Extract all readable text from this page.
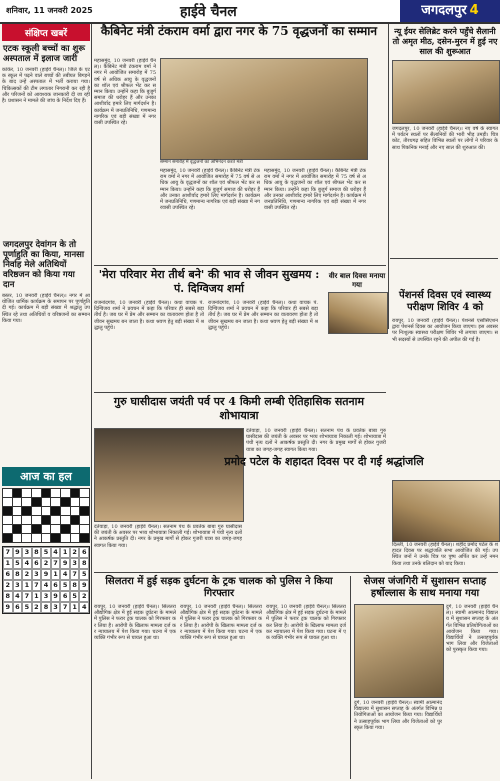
शनिवार, 11 जनवरी 2025	हाईवे चैनल	जगदलपुर 4
संक्षिप्त खबरें
एटक स्कूली बच्चों का शुरू अस्पताल में इलाज जारी
कांकेर, 10 जनवरी (हाईवे चैनल)। जिले के एटक स्कूल में पढ़ने वाले बच्चों की तबीयत बिगड़ने के बाद उन्हें अस्पताल में भर्ती कराया गया। चिकित्सकों की टीम लगातार निगरानी कर रही है और परिजनों को आवश्यक जानकारी दी जा रही है। प्रशासन ने मामले की जांच के निर्देश दिए हैं।
जगदलपुर देवांगन के तो पूर्णाहुति का किया, मानसा निर्वाह मेले अतिथियों वरिष्ठजन को किया गया दान
बस्तर, 10 जनवरी (हाईवे चैनल)। नगर में आयोजित धार्मिक कार्यक्रम के समापन पर पूर्णाहुति दी गई। कार्यक्रम में बड़ी संख्या में श्रद्धालु उपस्थित रहे तथा अतिथियों व वरिष्ठजनों का सम्मान किया गया।
आज का हल
7 9 3 8 5 4 1 2 6
1 5 4 6 2 7 9 3 8
6 8 2 3 9 1 4 7 5
2 3 1 7 4 6 5 8 9
8 4 7 1 3 9 6 5 2
9 6 5 2 8 3 7 1 4
कैबिनेट मंत्री टंकराम वर्मा द्वारा नगर के 75 वृद्धजनों का सम्मान
सम्मान समारोह में वृद्धजनों का अभिनंदन करते मंत्री
महासमुंद, 10 जनवरी (हाईवे चैनल)। कैबिनेट मंत्री टंकराम वर्मा ने नगर में आयोजित समारोह में 75 वर्ष से अधिक आयु के वृद्धजनों का शॉल एवं श्रीफल भेंट कर सम्मान किया। उन्होंने कहा कि बुजुर्ग समाज की धरोहर हैं और उनका आशीर्वाद हमारे लिए मार्गदर्शन है। कार्यक्रम में जनप्रतिनिधि, गणमान्य नागरिक एवं बड़ी संख्या में नगरवासी उपस्थित रहे।
महासमुंद, 10 जनवरी (हाईवे चैनल)। कैबिनेट मंत्री टंकराम वर्मा ने नगर में आयोजित समारोह में 75 वर्ष से अधिक आयु के वृद्धजनों का शॉल एवं श्रीफल भेंट कर सम्मान किया। उन्होंने कहा कि बुजुर्ग समाज की धरोहर हैं और उनका आशीर्वाद हमारे लिए मार्गदर्शन है। कार्यक्रम में जनप्रतिनिधि, गणमान्य नागरिक एवं बड़ी संख्या में नगरवासी उपस्थित रहे।
महासमुंद, 10 जनवरी (हाईवे चैनल)। कैबिनेट मंत्री टंकराम वर्मा ने नगर में आयोजित समारोह में 75 वर्ष से अधिक आयु के वृद्धजनों का शॉल एवं श्रीफल भेंट कर सम्मान किया। उन्होंने कहा कि बुजुर्ग समाज की धरोहर हैं और उनका आशीर्वाद हमारे लिए मार्गदर्शन है। कार्यक्रम में जनप्रतिनिधि, गणमान्य नागरिक एवं बड़ी संख्या में नगरवासी उपस्थित रहे।
न्यू ईयर सेलिब्रेट करने पहुँचे सैलानी तो अमृत मीठ, दसेन-मुरन में हुई नए साल की शुरूआत
जगदलपुर, 10 जनवरी (हाईवे चैनल)। नए वर्ष के स्वागत में पर्यटन स्थलों पर सैलानियों की भारी भीड़ उमड़ी। चित्रकोट, तीरथगढ़ सहित विभिन्न स्थलों पर लोगों ने परिवार के साथ पिकनिक मनाई और नए साल की शुरुआत की।
'मेरा परिवार मेरा तीर्थ बने' की भाव से जीवन सुखमय : पं. दिग्विजय शर्मा
राजनांदगांव, 10 जनवरी (हाईवे चैनल)। कथा वाचक पं. दिग्विजय शर्मा ने प्रवचन में कहा कि परिवार ही सबसे बड़ा तीर्थ है। जब घर में प्रेम और सम्मान का वातावरण होता है तो जीवन सुखमय बन जाता है। कथा श्रवण हेतु बड़ी संख्या में श्रद्धालु पहुंचे।
राजनांदगांव, 10 जनवरी (हाईवे चैनल)। कथा वाचक पं. दिग्विजय शर्मा ने प्रवचन में कहा कि परिवार ही सबसे बड़ा तीर्थ है। जब घर में प्रेम और सम्मान का वातावरण होता है तो जीवन सुखमय बन जाता है। कथा श्रवण हेतु बड़ी संख्या में श्रद्धालु पहुंचे।
वीर बाल दिवस मनाया गया
पेंशनर्स दिवस एवं स्वास्थ्य परीक्षण शिविर 4 को
रायपुर, 10 जनवरी (हाईवे चैनल)। पेंशनर्स एसोसिएशन द्वारा पेंशनर्स दिवस का आयोजन किया जाएगा। इस अवसर पर निःशुल्क स्वास्थ्य परीक्षण शिविर भी लगाया जाएगा। सभी सदस्यों से उपस्थित रहने की अपील की गई है।
गुरु घासीदास जयंती पर्व पर 4 किमी लम्बी ऐतिहासिक सतनाम शोभायात्रा
दंतेवाड़ा, 10 जनवरी (हाईवे चैनल)। सतनाम पंथ के प्रवर्तक बाबा गुरु घासीदास की जयंती के अवसर पर भव्य शोभायात्रा निकाली गई। शोभायात्रा में पंथी नृत्य दलों ने आकर्षक प्रस्तुति दी। नगर के प्रमुख मार्गों से होकर गुजरी यात्रा का जगह-जगह स्वागत किया गया।
दंतेवाड़ा, 10 जनवरी (हाईवे चैनल)। सतनाम पंथ के प्रवर्तक बाबा गुरु घासीदास की जयंती के अवसर पर भव्य शोभायात्रा निकाली गई। शोभायात्रा में पंथी नृत्य दलों ने आकर्षक प्रस्तुति दी। नगर के प्रमुख मार्गों से होकर गुजरी यात्रा का जगह-जगह स्वागत किया गया।
प्रमोद पटेल के शहादत दिवस पर दी गई श्रद्धांजलि
दिल्ली, 10 जनवरी (हाईवे चैनल)। शहीद प्रमोद पटेल के शहादत दिवस पर श्रद्धांजलि सभा आयोजित की गई। उपस्थित जनों ने उनके चित्र पर पुष्प अर्पित कर उन्हें नमन किया तथा उनके बलिदान को याद किया।
सिलतरा में हुई सड़क दुर्घटना के ट्रक चालक को पुलिस ने किया गिरफ्तार
रायपुर, 10 जनवरी (हाईवे चैनल)। सिलतरा औद्योगिक क्षेत्र में हुई सड़क दुर्घटना के मामले में पुलिस ने फरार ट्रक चालक को गिरफ्तार कर लिया है। आरोपी के खिलाफ मामला दर्ज कर न्यायालय में पेश किया गया। घटना में एक व्यक्ति गंभीर रूप से घायल हुआ था।
रायपुर, 10 जनवरी (हाईवे चैनल)। सिलतरा औद्योगिक क्षेत्र में हुई सड़क दुर्घटना के मामले में पुलिस ने फरार ट्रक चालक को गिरफ्तार कर लिया है। आरोपी के खिलाफ मामला दर्ज कर न्यायालय में पेश किया गया। घटना में एक व्यक्ति गंभीर रूप से घायल हुआ था।
रायपुर, 10 जनवरी (हाईवे चैनल)। सिलतरा औद्योगिक क्षेत्र में हुई सड़क दुर्घटना के मामले में पुलिस ने फरार ट्रक चालक को गिरफ्तार कर लिया है। आरोपी के खिलाफ मामला दर्ज कर न्यायालय में पेश किया गया। घटना में एक व्यक्ति गंभीर रूप से घायल हुआ था।
सेजस जंजगिरी में सुशासन सप्ताह हर्षोल्लास के साथ मनाया गया
दुर्ग, 10 जनवरी (हाईवे चैनल)। स्वामी आत्मानंद विद्यालय में सुशासन सप्ताह के अंतर्गत विभिन्न प्रतियोगिताओं का आयोजन किया गया। विद्यार्थियों ने उत्साहपूर्वक भाग लिया और विजेताओं को पुरस्कृत किया गया।
दुर्ग, 10 जनवरी (हाईवे चैनल)। स्वामी आत्मानंद विद्यालय में सुशासन सप्ताह के अंतर्गत विभिन्न प्रतियोगिताओं का आयोजन किया गया। विद्यार्थियों ने उत्साहपूर्वक भाग लिया और विजेताओं को पुरस्कृत किया गया।
